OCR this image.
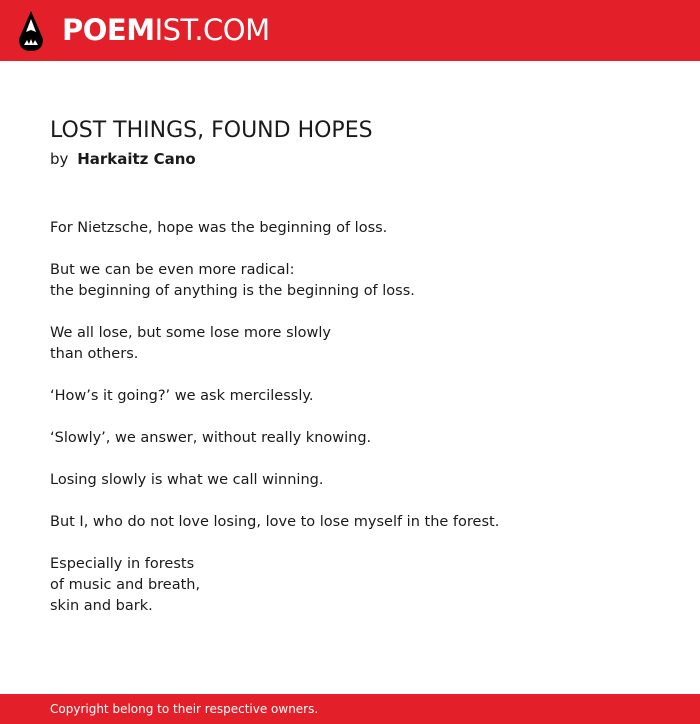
POEMIST.COM
LOST THINGS, FOUND HOPES
by Harkaitz Cano

For Nietzsche, hope was the beginning of loss.

But we can be even more radical:
the beginning of anything is the beginning of loss.

We all lose, but some lose more slowly
than others.

‘How’s it going?’ we ask mercilessly.

‘Slowly’, we answer, without really knowing.

Losing slowly is what we call winning.

But I, who do not love losing, love to lose myself in the forest.

Especially in forests
of music and breath,
skin and bark.

Copyright belong to their respective owners.
